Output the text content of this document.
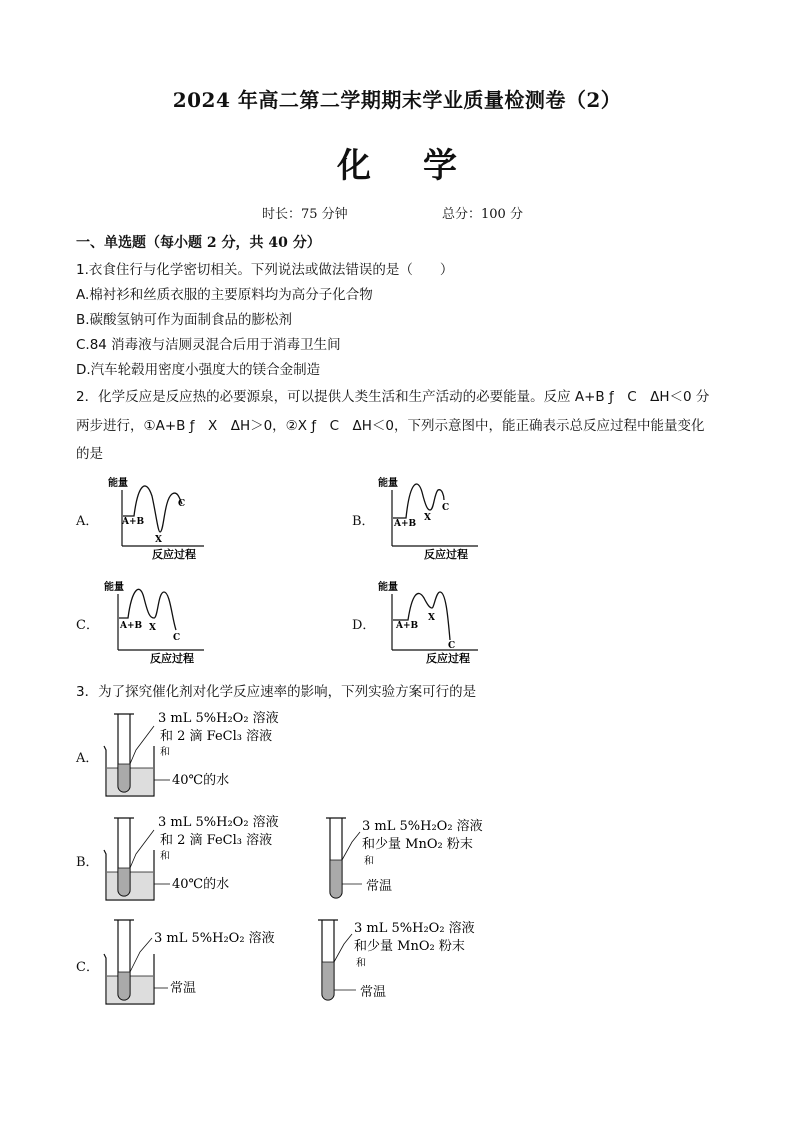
2024 年高二第二学期期末学业质量检测卷（2）
化学
时长：75 分钟	总分：100 分
一、单选题（每小题 2 分，共 40 分）
1.衣食住行与化学密切相关。下列说法或做法错误的是（　　）
A.棉衬衫和丝质衣服的主要原料均为高分子化合物
B.碳酸氢钠可作为面制食品的膨松剂
C.84 消毒液与洁厕灵混合后用于消毒卫生间
D.汽车轮毂用密度小强度大的镁合金制造
2．化学反应是反应热的必要源泉，可以提供人类生活和生产活动的必要能量。反应 A+B ƒ　C　ΔH＜0 分
两步进行，①A+B ƒ　X　ΔH＞0，②X ƒ　C　ΔH＜0，下列示意图中，能正确表示总反应过程中能量变化
的是
A．	B．
C．	D．
能量
A+B
X
C
反应过程
能量
A+B
X
C
反应过程
能量
A+B X
C
反应过程
能量
A+B
X
C
反应过程
3．为了探究催化剂对化学反应速率的影响，下列实验方案可行的是
A．
B．
C．
3 mL 5%H₂O₂ 溶液
和 2 滴 FeCl₃ 溶液
和
40℃的水
3 mL 5%H₂O₂ 溶液
和 2 滴 FeCl₃ 溶液
和
40℃的水
3 mL 5%H₂O₂ 溶液
和少量 MnO₂ 粉末
和
常温
3 mL 5%H₂O₂ 溶液
常温
3 mL 5%H₂O₂ 溶液
和少量 MnO₂ 粉末
和
常温
